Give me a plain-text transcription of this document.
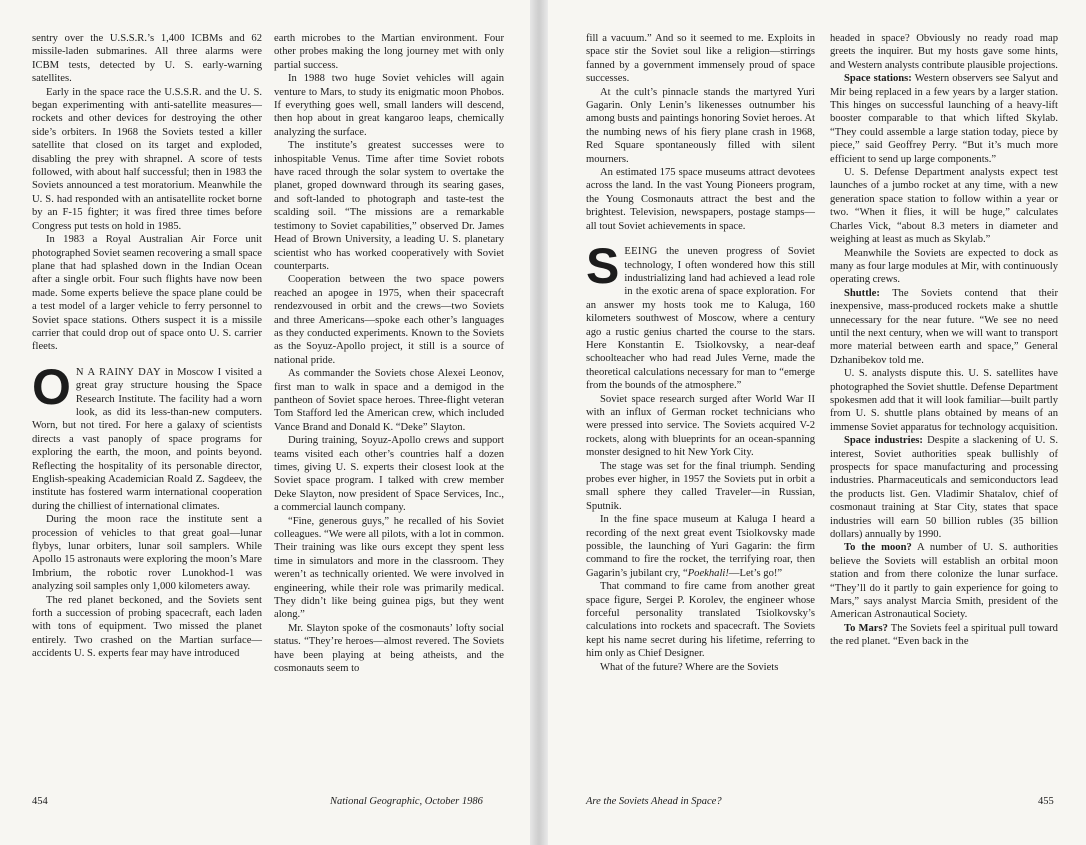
sentry over the U.S.S.R.’s 1,400 ICBMs and 62 missile-laden submarines. All three alarms were ICBM tests, detected by U. S. early-warning satellites.

Early in the space race the U.S.S.R. and the U. S. began experimenting with anti-satellite measures—rockets and other devices for destroying the other side’s orbiters. In 1968 the Soviets tested a killer satellite that closed on its target and exploded, disabling the prey with shrapnel. A score of tests followed, with about half successful; then in 1983 the Soviets announced a test moratorium. Meanwhile the U. S. had responded with an antisatellite rocket borne by an F-15 fighter; it was fired three times before Congress put tests on hold in 1985.

In 1983 a Royal Australian Air Force unit photographed Soviet seamen recovering a small space plane that had splashed down in the Indian Ocean after a single orbit. Four such flights have now been made. Some experts believe the space plane could be a test model of a larger vehicle to ferry personnel to Soviet space stations. Others suspect it is a missile carrier that could drop out of space onto U. S. carrier fleets.

O N A RAINY DAY in Moscow I visited a great gray structure housing the Space Research Institute. The facility had a worn look, as did its less-than-new computers. Worn, but not tired. For here a galaxy of scientists directs a vast panoply of space programs for exploring the earth, the moon, and points beyond. Reflecting the hospitality of its personable director, English-speaking Academician Roald Z. Sagdeev, the institute has fostered warm international cooperation during the chilliest of international climates.

During the moon race the institute sent a procession of vehicles to that great goal—lunar flybys, lunar orbiters, lunar soil samplers. While Apollo 15 astronauts were exploring the moon’s Mare Imbrium, the robotic rover Lunokhod-1 was analyzing soil samples only 1,000 kilometers away.

The red planet beckoned, and the Soviets sent forth a succession of probing spacecraft, each laden with tons of equipment. Two missed the planet entirely. Two crashed on the Martian surface—accidents U. S. experts fear may have introduced

earth microbes to the Martian environment. Four other probes making the long journey met with only partial success.

In 1988 two huge Soviet vehicles will again venture to Mars, to study its enigmatic moon Phobos. If everything goes well, small landers will descend, then hop about in great kangaroo leaps, chemically analyzing the surface.

The institute’s greatest successes were to inhospitable Venus. Time after time Soviet robots have raced through the solar system to overtake the planet, groped downward through its searing gases, and soft-landed to photograph and taste-test the scalding soil. “The missions are a remarkable testimony to Soviet capabilities,” observed Dr. James Head of Brown University, a leading U. S. planetary scientist who has worked cooperatively with Soviet counterparts.

Cooperation between the two space powers reached an apogee in 1975, when their spacecraft rendezvoused in orbit and the crews—two Soviets and three Americans—spoke each other’s languages as they conducted experiments. Known to the Soviets as the Soyuz-Apollo project, it still is a source of national pride.

As commander the Soviets chose Alexei Leonov, first man to walk in space and a demigod in the pantheon of Soviet space heroes. Three-flight veteran Tom Stafford led the American crew, which included Vance Brand and Donald K. “Deke” Slayton.

During training, Soyuz-Apollo crews and support teams visited each other’s countries half a dozen times, giving U. S. experts their closest look at the Soviet space program. I talked with crew member Deke Slayton, now president of Space Services, Inc., a commercial launch company.

“Fine, generous guys,” he recalled of his Soviet colleagues. “We were all pilots, with a lot in common. Their training was like ours except they spent less time in simulators and more in the classroom. They weren’t as technically oriented. We were involved in engineering, while their role was primarily medical. They didn’t like being guinea pigs, but they went along.”

Mr. Slayton spoke of the cosmonauts’ lofty social status. “They’re heroes—almost revered. The Soviets have been playing at being atheists, and the cosmonauts seem to

454	National Geographic, October 1986

fill a vacuum.” And so it seemed to me. Exploits in space stir the Soviet soul like a religion—stirrings fanned by a government immensely proud of space successes.

At the cult’s pinnacle stands the martyred Yuri Gagarin. Only Lenin’s likenesses outnumber his among busts and paintings honoring Soviet heroes. At the numbing news of his fiery plane crash in 1968, Red Square spontaneously filled with silent mourners.

An estimated 175 space museums attract devotees across the land. In the vast Young Pioneers program, the Young Cosmonauts attract the best and the brightest. Television, newspapers, postage stamps—all tout Soviet achievements in space.

SEEING the uneven progress of Soviet technology, I often wondered how this still industrializing land had achieved a lead role in the exotic arena of space exploration. For an answer my hosts took me to Kaluga, 160 kilometers southwest of Moscow, where a century ago a rustic genius charted the course to the stars. Here Konstantin E. Tsiolkovsky, a near-deaf schoolteacher who had read Jules Verne, made the theoretical calculations necessary for man to “emerge from the bounds of the atmosphere.”

Soviet space research surged after World War II with an influx of German rocket technicians who were pressed into service. The Soviets acquired V-2 rockets, along with blueprints for an ocean-spanning monster designed to hit New York City.

The stage was set for the final triumph. Sending probes ever higher, in 1957 the Soviets put in orbit a small sphere they called Traveler—in Russian, Sputnik.

In the fine space museum at Kaluga I heard a recording of the next great event Tsiolkovsky made possible, the launching of Yuri Gagarin: the firm command to fire the rocket, the terrifying roar, then Gagarin’s jubilant cry, “Poekhali!—Let’s go!”

That command to fire came from another great space figure, Sergei P. Korolev, the engineer whose forceful personality translated Tsiolkovsky’s calculations into rockets and spacecraft. The Soviets kept his name secret during his lifetime, referring to him only as Chief Designer.

What of the future? Where are the Soviets

headed in space? Obviously no ready road map greets the inquirer. But my hosts gave some hints, and Western analysts contribute plausible projections.

Space stations: Western observers see Salyut and Mir being replaced in a few years by a larger station. This hinges on successful launching of a heavy-lift booster comparable to that which lifted Skylab. “They could assemble a large station today, piece by piece,” said Geoffrey Perry. “But it’s much more efficient to send up large components.”

U. S. Defense Department analysts expect test launches of a jumbo rocket at any time, with a new generation space station to follow within a year or two. “When it flies, it will be huge,” calculates Charles Vick, “about 8.3 meters in diameter and weighing at least as much as Skylab.”

Meanwhile the Soviets are expected to dock as many as four large modules at Mir, with continuously operating crews.

Shuttle: The Soviets contend that their inexpensive, mass-produced rockets make a shuttle unnecessary for the near future. “We see no need until the next century, when we will want to transport more material between earth and space,” General Dzhanibekov told me.

U. S. analysts dispute this. U. S. satellites have photographed the Soviet shuttle. Defense Department spokesmen add that it will look familiar—built partly from U. S. shuttle plans obtained by means of an immense Soviet apparatus for technology acquisition.

Space industries: Despite a slackening of U. S. interest, Soviet authorities speak bullishly of prospects for space manufacturing and processing industries. Pharmaceuticals and semiconductors lead the products list. Gen. Vladimir Shatalov, chief of cosmonaut training at Star City, states that space industries will earn 50 billion rubles (35 billion dollars) annually by 1990.

To the moon? A number of U. S. authorities believe the Soviets will establish an orbital moon station and from there colonize the lunar surface. “They’ll do it partly to gain experience for going to Mars,” says analyst Marcia Smith, president of the American Astronautical Society.

To Mars? The Soviets feel a spiritual pull toward the red planet. “Even back in the

Are the Soviets Ahead in Space?	455
